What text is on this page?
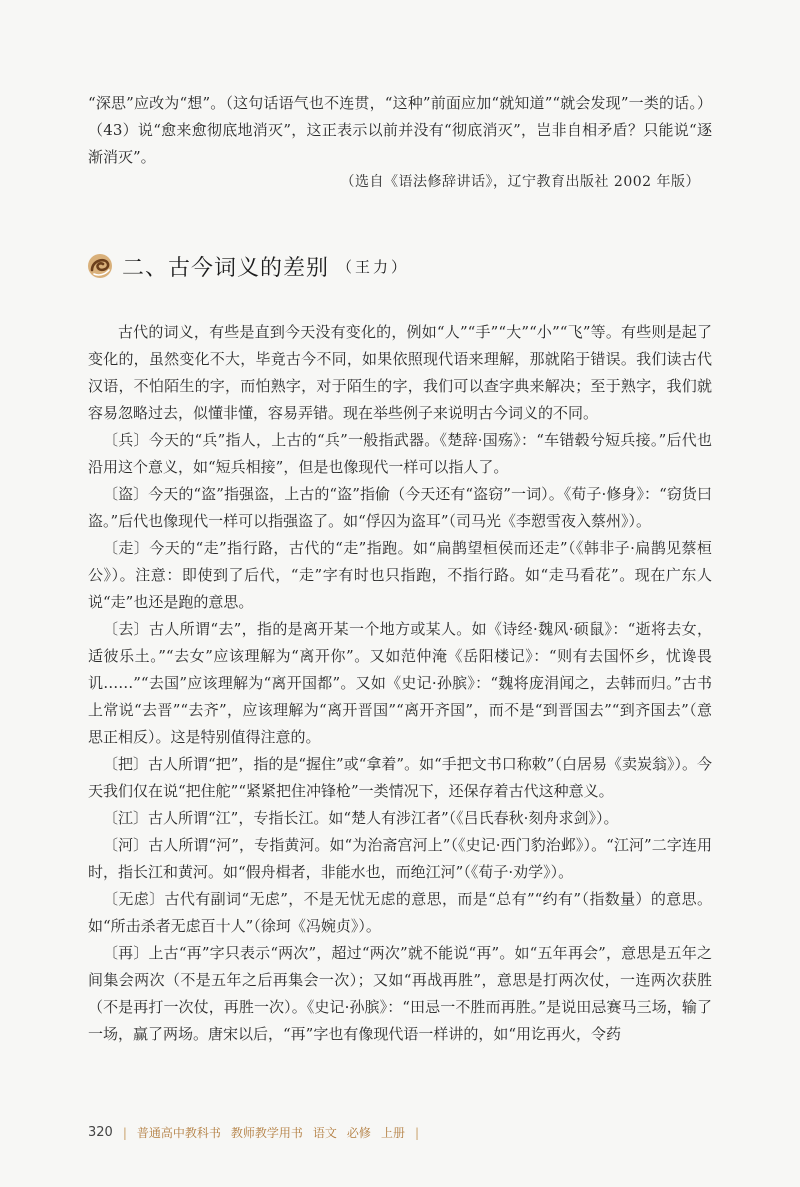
“深思”应改为“想”。（这句话语气也不连贯，“这种”前面应加“就知道”“就会发现”一类的话。）（43）说“愈来愈彻底地消灭”，这正表示以前并没有“彻底消灭”，岂非自相矛盾？只能说“逐渐消灭”。

（选自《语法修辞讲话》，辽宁教育出版社 2002 年版）
二、古今词义的差别 （王力）

古代的词义，有些是直到今天没有变化的，例如“人”“手”“大”“小”“飞”等。有些则是起了变化的，虽然变化不大，毕竟古今不同，如果依照现代语来理解，那就陷于错误。我们读古代汉语，不怕陌生的字，而怕熟字，对于陌生的字，我们可以查字典来解决；至于熟字，我们就容易忽略过去，似懂非懂，容易弄错。现在举些例子来说明古今词义的不同。

〔兵〕今天的“兵”指人，上古的“兵”一般指武器。《楚辞·国殇》：“车错毂兮短兵接。”后代也沿用这个意义，如“短兵相接”，但是也像现代一样可以指人了。

〔盗〕今天的“盗”指强盗，上古的“盗”指偷（今天还有“盗窃”一词）。《荀子·修身》：“窃货曰盗。”后代也像现代一样可以指强盗了。如“俘囚为盗耳”（司马光《李愬雪夜入蔡州》）。

〔走〕今天的“走”指行路，古代的“走”指跑。如“扁鹊望桓侯而还走”（《韩非子·扁鹊见蔡桓公》）。注意：即使到了后代，“走”字有时也只指跑，不指行路。如“走马看花”。现在广东人说“走”也还是跑的意思。

〔去〕古人所谓“去”，指的是离开某一个地方或某人。如《诗经·魏风·硕鼠》：“逝将去女，适彼乐土。”“去女”应该理解为“离开你”。又如范仲淹《岳阳楼记》：“则有去国怀乡，忧谗畏讥……”“去国”应该理解为“离开国都”。又如《史记·孙膑》：“魏将庞涓闻之，去韩而归。”古书上常说“去晋”“去齐”，应该理解为“离开晋国”“离开齐国”，而不是“到晋国去”“到齐国去”（意思正相反）。这是特别值得注意的。

〔把〕古人所谓“把”，指的是“握住”或“拿着”。如“手把文书口称敕”（白居易《卖炭翁》）。今天我们仅在说“把住舵”“紧紧把住冲锋枪”一类情况下，还保存着古代这种意义。

〔江〕古人所谓“江”，专指长江。如“楚人有涉江者”（《吕氏春秋·刻舟求剑》）。

〔河〕古人所谓“河”，专指黄河。如“为治斋宫河上”（《史记·西门豹治邺》）。“江河”二字连用时，指长江和黄河。如“假舟楫者，非能水也，而绝江河”（《荀子·劝学》）。

〔无虑〕古代有副词“无虑”，不是无忧无虑的意思，而是“总有”“约有”（指数量）的意思。如“所击杀者无虑百十人”（徐珂《冯婉贞》）。

〔再〕上古“再”字只表示“两次”，超过“两次”就不能说“再”。如“五年再会”，意思是五年之间集会两次（不是五年之后再集会一次）；又如“再战再胜”，意思是打两次仗，一连两次获胜（不是再打一次仗，再胜一次）。《史记·孙膑》：“田忌一不胜而再胜。”是说田忌赛马三场，输了一场，赢了两场。唐宋以后，“再”字也有像现代语一样讲的，如“用讫再火，令药

320 | 普通高中教科书 教师教学用书 语文 必修 上册 |
